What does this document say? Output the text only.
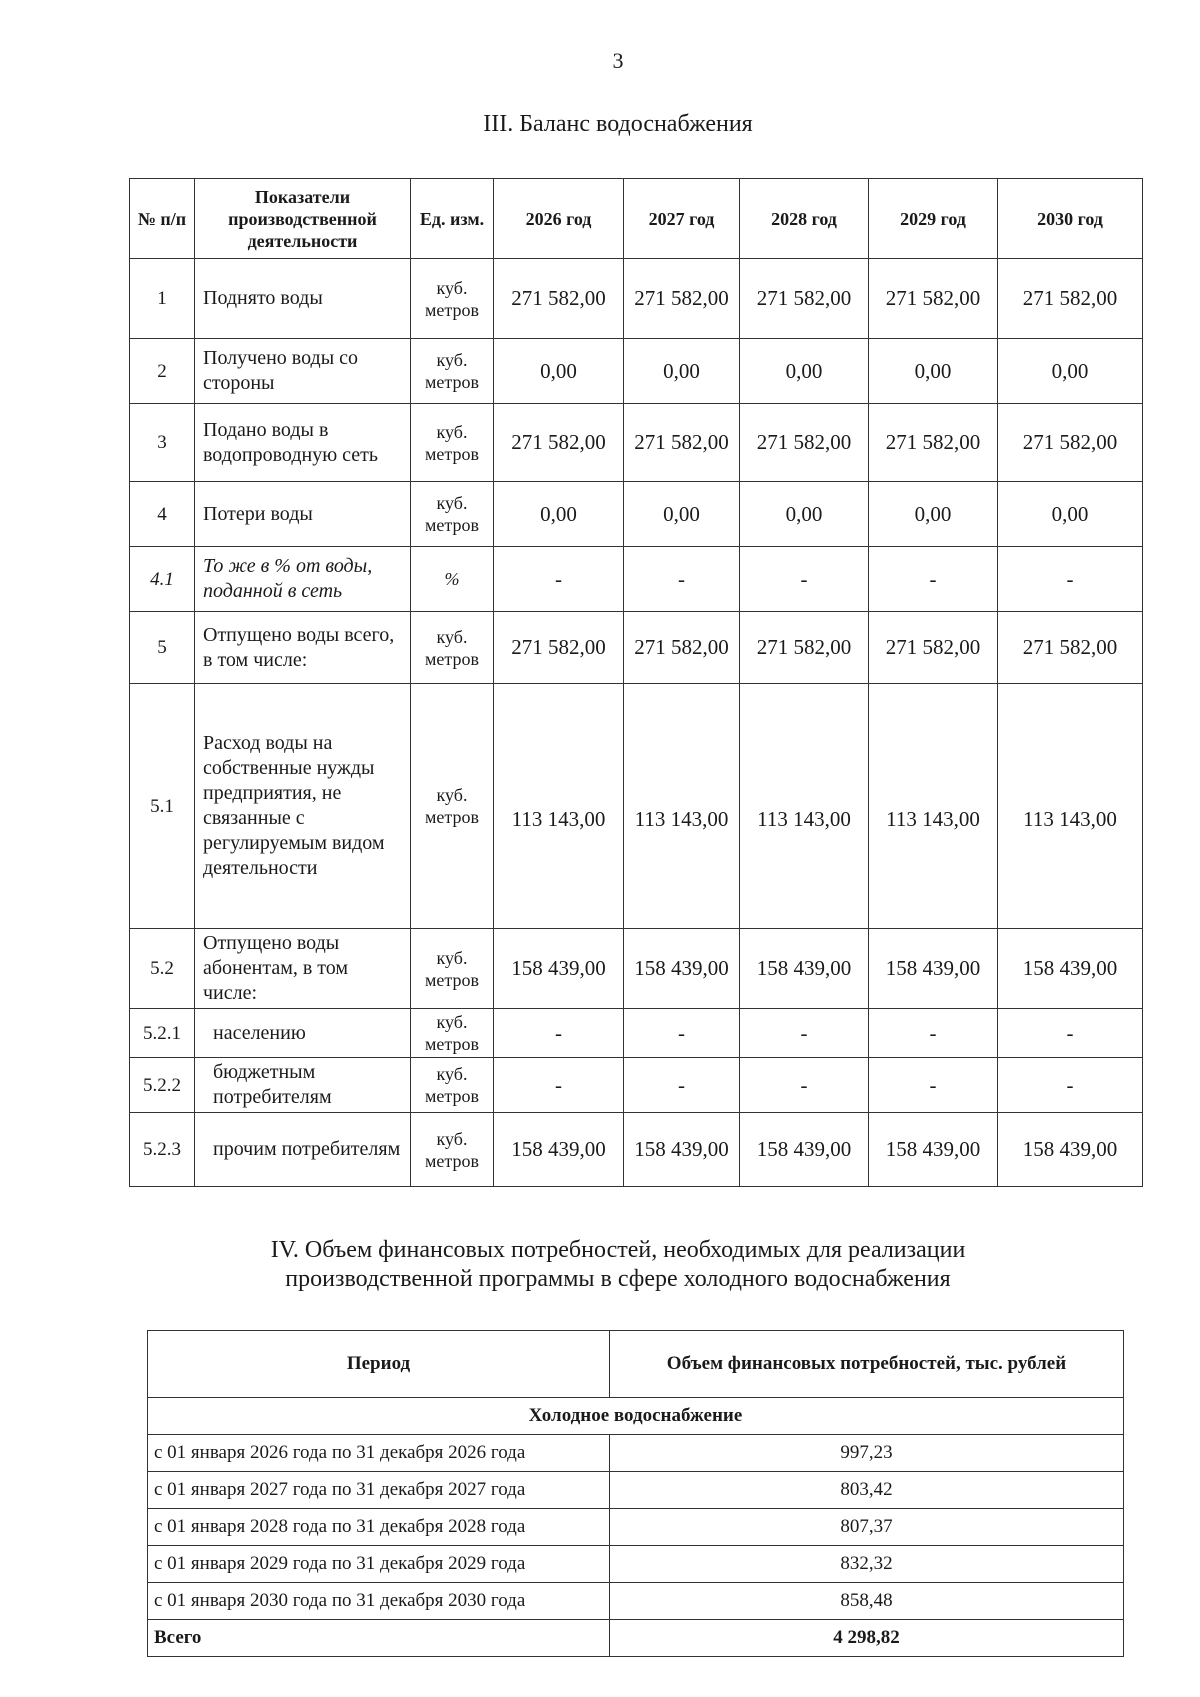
3
III. Баланс водоснабжения
№ п/п	Показатели производственной деятельности	Ед. изм.	2026 год	2027 год	2028 год	2029 год	2030 год
1	Поднято воды	куб. метров	271 582,00	271 582,00	271 582,00	271 582,00	271 582,00
2	Получено воды со стороны	куб. метров	0,00	0,00	0,00	0,00	0,00
3	Подано воды в водопроводную сеть	куб. метров	271 582,00	271 582,00	271 582,00	271 582,00	271 582,00
4	Потери воды	куб. метров	0,00	0,00	0,00	0,00	0,00
4.1	То же в % от воды, поданной в сеть	%	-	-	-	-	-
5	Отпущено воды всего, в том числе:	куб. метров	271 582,00	271 582,00	271 582,00	271 582,00	271 582,00
5.1	Расход воды на собственные нужды предприятия, не связанные с регулируемым видом деятельности	куб. метров	113 143,00	113 143,00	113 143,00	113 143,00	113 143,00
5.2	Отпущено воды абонентам, в том числе:	куб. метров	158 439,00	158 439,00	158 439,00	158 439,00	158 439,00
5.2.1	населению	куб. метров	-	-	-	-	-
5.2.2	бюджетным потребителям	куб. метров	-	-	-	-	-
5.2.3	прочим потребителям	куб. метров	158 439,00	158 439,00	158 439,00	158 439,00	158 439,00
IV. Объем финансовых потребностей, необходимых для реализации
производственной программы в сфере холодного водоснабжения
Период	Объем финансовых потребностей, тыс. рублей
Холодное водоснабжение	
с 01 января 2026 года по 31 декабря 2026 года	997,23
с 01 января 2027 года по 31 декабря 2027 года	803,42
с 01 января 2028 года по 31 декабря 2028 года	807,37
с 01 января 2029 года по 31 декабря 2029 года	832,32
с 01 января 2030 года по 31 декабря 2030 года	858,48
Всего	4 298,82
